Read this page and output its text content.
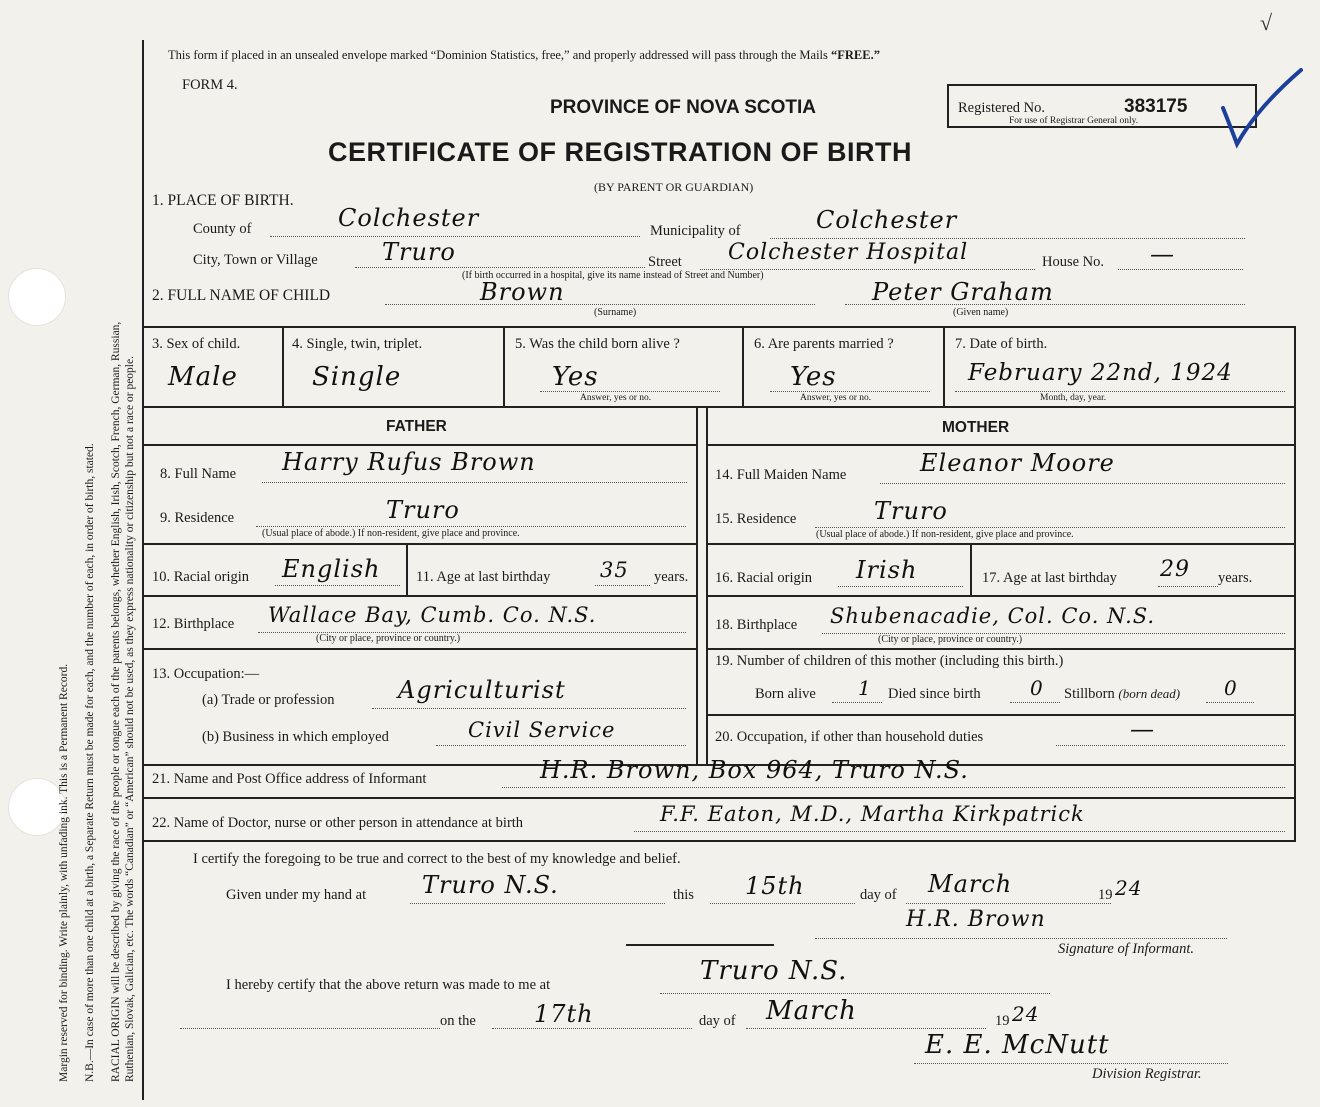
Margin reserved for binding. Write plainly, with unfading ink. This is a Permanent Record. N.B.—In case of more than one child at a birth, a Separate Return must be made for each, and the number of each, in order of birth, stated. RACIAL ORIGIN will be described by giving the race of the people or tongue each of the parents belongs, whether English, Irish, Scotch, French, German, Russian, Ruthenian, Slovak, Galician, etc. The words “Canadian” or “American” should not be used, as they express nationality or citizenship but not a race or people.
This form if placed in an unsealed envelope marked “Dominion Statistics, free,” and properly addressed will pass through the Mails “FREE.”
FORM 4.
PROVINCE OF NOVA SCOTIA
CERTIFICATE OF REGISTRATION OF BIRTH
(BY PARENT OR GUARDIAN)
Registered No.	383175
For use of Registrar General only.
√
1. PLACE OF BIRTH.
County of	Colchester	Municipality of	Colchester
City, Town or Village	Truro	Street Colchester Hospital	House No. —
(If birth occurred in a hospital, give its name instead of Street and Number)
2. FULL NAME OF CHILD	Brown	Peter Graham
(Surname)	(Given name)
3. Sex of child.
Male
4. Single, twin, triplet.
Single
5. Was the child born alive ?
Yes
Answer, yes or no.
6. Are parents married ?
Yes
Answer, yes or no.
7. Date of birth.
February 22nd, 1924
Month, day, year.
FATHER	MOTHER
8. Full Name Harry Rufus Brown	14. Full Maiden Name	Eleanor Moore
9. Residence	Truro
(Usual place of abode.) If non-resident, give place and province.
15. Residence	Truro
(Usual place of abode.) If non-resident, give place and province.
10. Racial origin English 11. Age at last birthday 35 years. 16. Racial origin Irish	17. Age at last birthday 29 years.
12. Birthplace Wallace Bay, Cumb. Co. N.S.
(City or place, province or country.)
18. Birthplace Shubenacadie, Col. Co. N.S.
(City or place, province or country.)
13. Occupation:—
(a) Trade or profession	Agriculturist
(b) Business in which employed	Civil Service
19. Number of children of this mother (including this birth.)
Born alive 1 Died since birth 0 Stillborn (born dead) 0
20. Occupation, if other than household duties	—
21. Name and Post Office address of Informant	H.R. Brown, Box 964, Truro N.S.
22. Name of Doctor, nurse or other person in attendance at birth	F.F. Eaton, M.D., Martha Kirkpatrick
I certify the foregoing to be true and correct to the best of my knowledge and belief.
Given under my hand at Truro N.S.	this 15th	day of March	19 24
H.R. Brown
Signature of Informant.
I hereby certify that the above return was made to me at	Truro N.S.
on the 17th	day of March	19 24
E. E. McNutt
Division Registrar.
